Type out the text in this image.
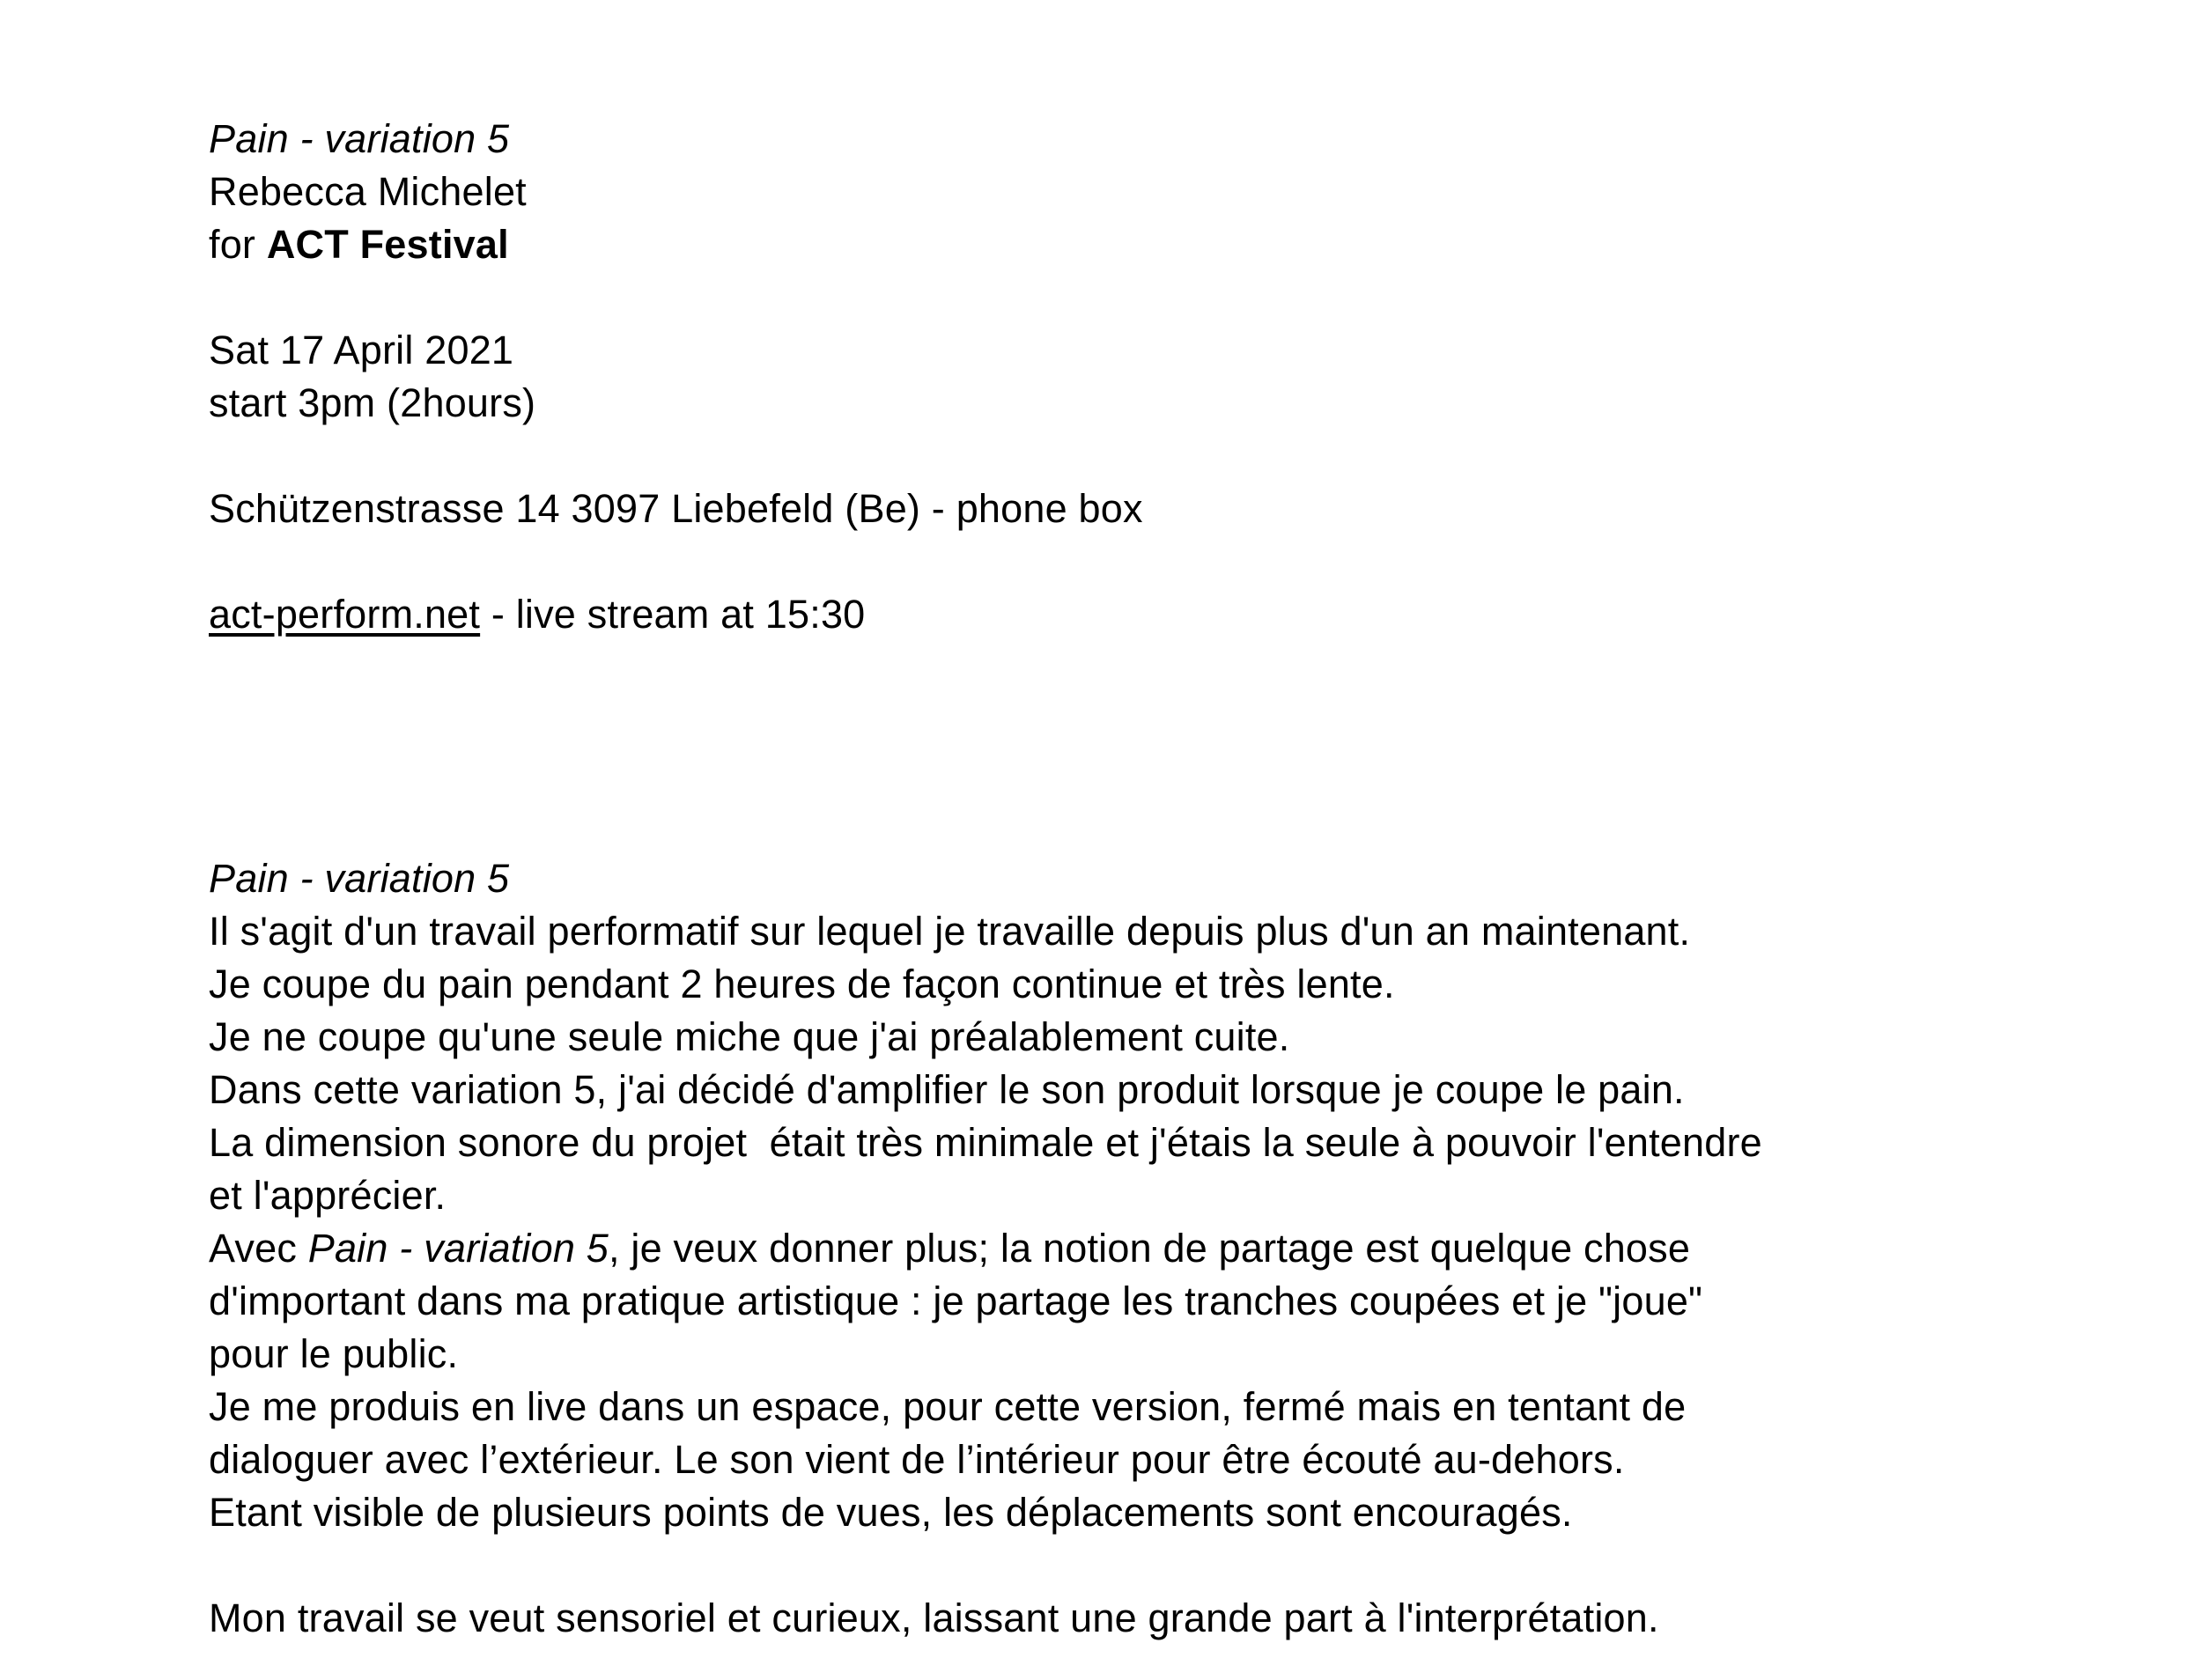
Pain - variation 5
Rebecca Michelet
for ACT Festival
Sat 17 April 2021
start 3pm (2hours)
Schützenstrasse 14 3097 Liebefeld (Be) - phone box
act-perform.net - live stream at 15:30
Pain - variation 5
Il s'agit d'un travail performatif sur lequel je travaille depuis plus d'un an maintenant.
Je coupe du pain pendant 2 heures de façon continue et très lente.
Je ne coupe qu'une seule miche que j'ai préalablement cuite.
Dans cette variation 5, j'ai décidé d'amplifier le son produit lorsque je coupe le pain.
La dimension sonore du projet  était très minimale et j'étais la seule à pouvoir l'entendre
et l'apprécier.
Avec Pain - variation 5, je veux donner plus; la notion de partage est quelque chose
d'important dans ma pratique artistique : je partage les tranches coupées et je "joue"
pour le public.
Je me produis en live dans un espace, pour cette version, fermé mais en tentant de
dialoguer avec l’extérieur. Le son vient de l’intérieur pour être écouté au-dehors.
Etant visible de plusieurs points de vues, les déplacements sont encouragés.
Mon travail se veut sensoriel et curieux, laissant une grande part à l'interprétation.
